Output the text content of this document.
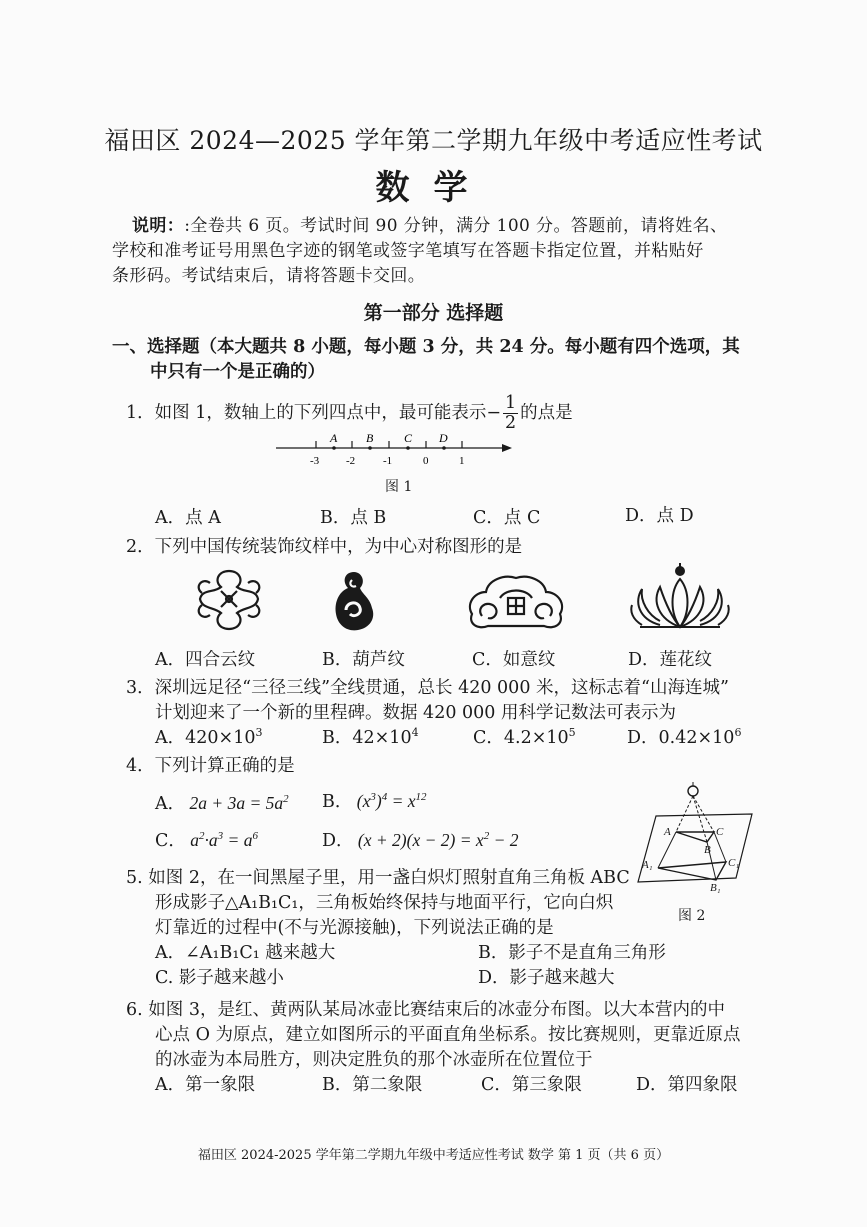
福田区 2024—2025 学年第二学期九年级中考适应性考试
数学
说明：:全卷共 6 页。考试时间 90 分钟，满分 100 分。答题前，请将姓名、
学校和准考证号用黑色字迹的钢笔或签字笔填写在答题卡指定位置，并粘贴好
条形码。考试结束后，请将答题卡交回。
第一部分 选择题
一、选择题（本大题共 8 小题，每小题 3 分，共 24 分。每小题有四个选项，其
中只有一个是正确的）
1．如图 1，数轴上的下列四点中，最可能表示− $\frac{1}{2}$ 的点是
A B	C D
-3 -2	-1	0	1
图 1
A．点 A	B．点 B	C．点 C	D．点 D
2．下列中国传统装饰纹样中，为中心对称图形的是
A．四合云纹	B．葫芦纹	C．如意纹	D．莲花纹
3．深圳远足径“三径三线”全线贯通，总长 420 000 米，这标志着“山海连城”
计划迎来了一个新的里程碑。数据 420 000 用科学记数法可表示为
A．$420\times 10^3$	B．$42\times 10^4$	C．$4.2\times 10^5$	D．$0.42\times 10^6$
4．下列计算正确的是
A． $2a + 3a = 5a^2$ B． $(x^3)^4 = x^{12}$
C． $a^2\cdot a^3 = a^6$	D． $(x + 2)(x - 2) = x^2 - 2$	A	C
B
A₁	C₁
B₁
图 2
5. 如图 2，在一间黑屋子里，用一盏白炽灯照射直角三角板 ABC
形成影子△A₁B₁C₁，三角板始终保持与地面平行，它向白炽
灯靠近的过程中(不与光源接触)，下列说法正确的是
A．∠A₁B₁C₁ 越来越大	B．影子不是直角三角形
C. 影子越来越小	D．影子越来越大
6. 如图 3，是红、黄两队某局冰壶比赛结束后的冰壶分布图。以大本营内的中
心点 O 为原点，建立如图所示的平面直角坐标系。按比赛规则，更靠近原点
的冰壶为本局胜方，则决定胜负的那个冰壶所在位置位于
A．第一象限	B．第二象限	C．第三象限	D．第四象限
福田区 2024-2025 学年第二学期九年级中考适应性考试 数学 第 1 页（共 6 页）
